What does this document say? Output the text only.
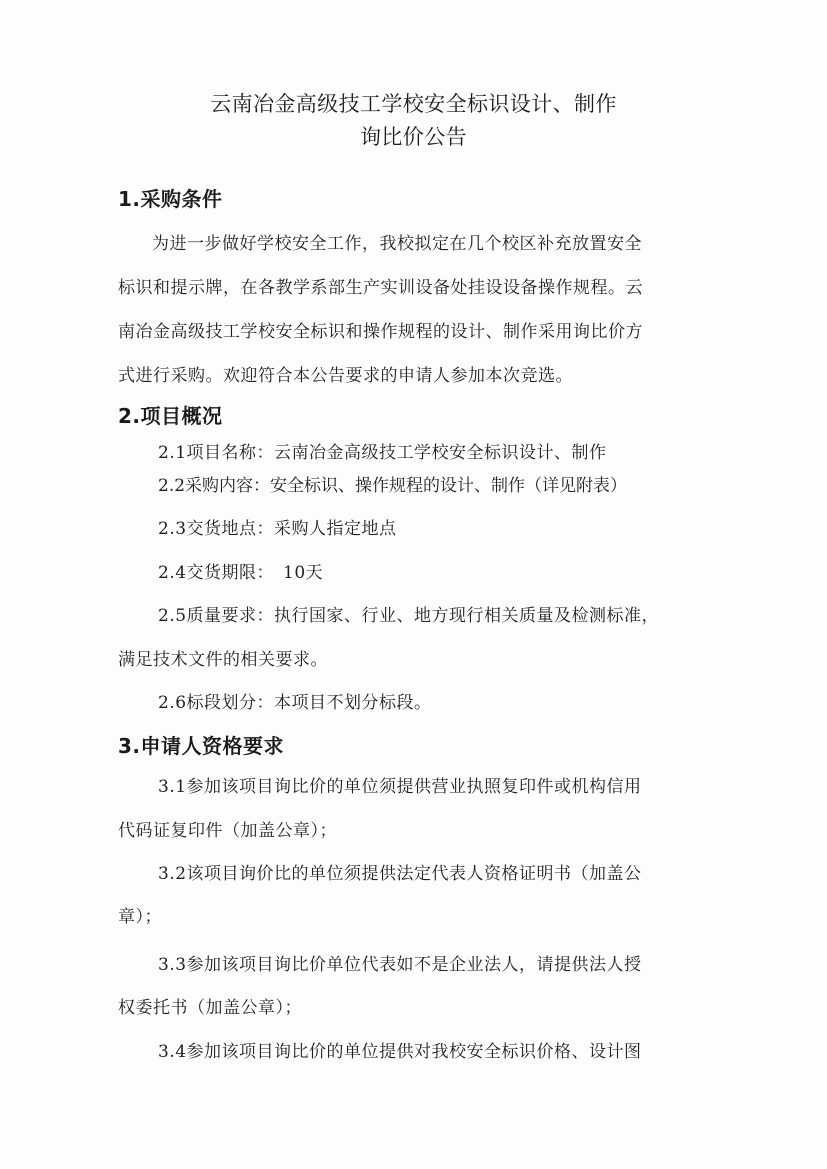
云南冶金高级技工学校安全标识设计、制作
询比价公告
1.采购条件
为进一步做好学校安全工作，我校拟定在几个校区补充放置安全
标识和提示牌，在各教学系部生产实训设备处挂设设备操作规程。云
南冶金高级技工学校安全标识和操作规程的设计、制作采用询比价方
式进行采购。欢迎符合本公告要求的申请人参加本次竞选。
2.项目概况
2.1项目名称：云南冶金高级技工学校安全标识设计、制作
2.2采购内容：安全标识、操作规程的设计、制作（详见附表）
2.3交货地点：采购人指定地点
2.4交货期限：　10天
2.5质量要求：执行国家、行业、地方现行相关质量及检测标准，
满足技术文件的相关要求。
2.6标段划分：本项目不划分标段。
3.申请人资格要求
3.1参加该项目询比价的单位须提供营业执照复印件或机构信用
代码证复印件（加盖公章）；
3.2该项目询价比的单位须提供法定代表人资格证明书（加盖公
章）；
3.3参加该项目询比价单位代表如不是企业法人，请提供法人授
权委托书（加盖公章）；
3.4参加该项目询比价的单位提供对我校安全标识价格、设计图
